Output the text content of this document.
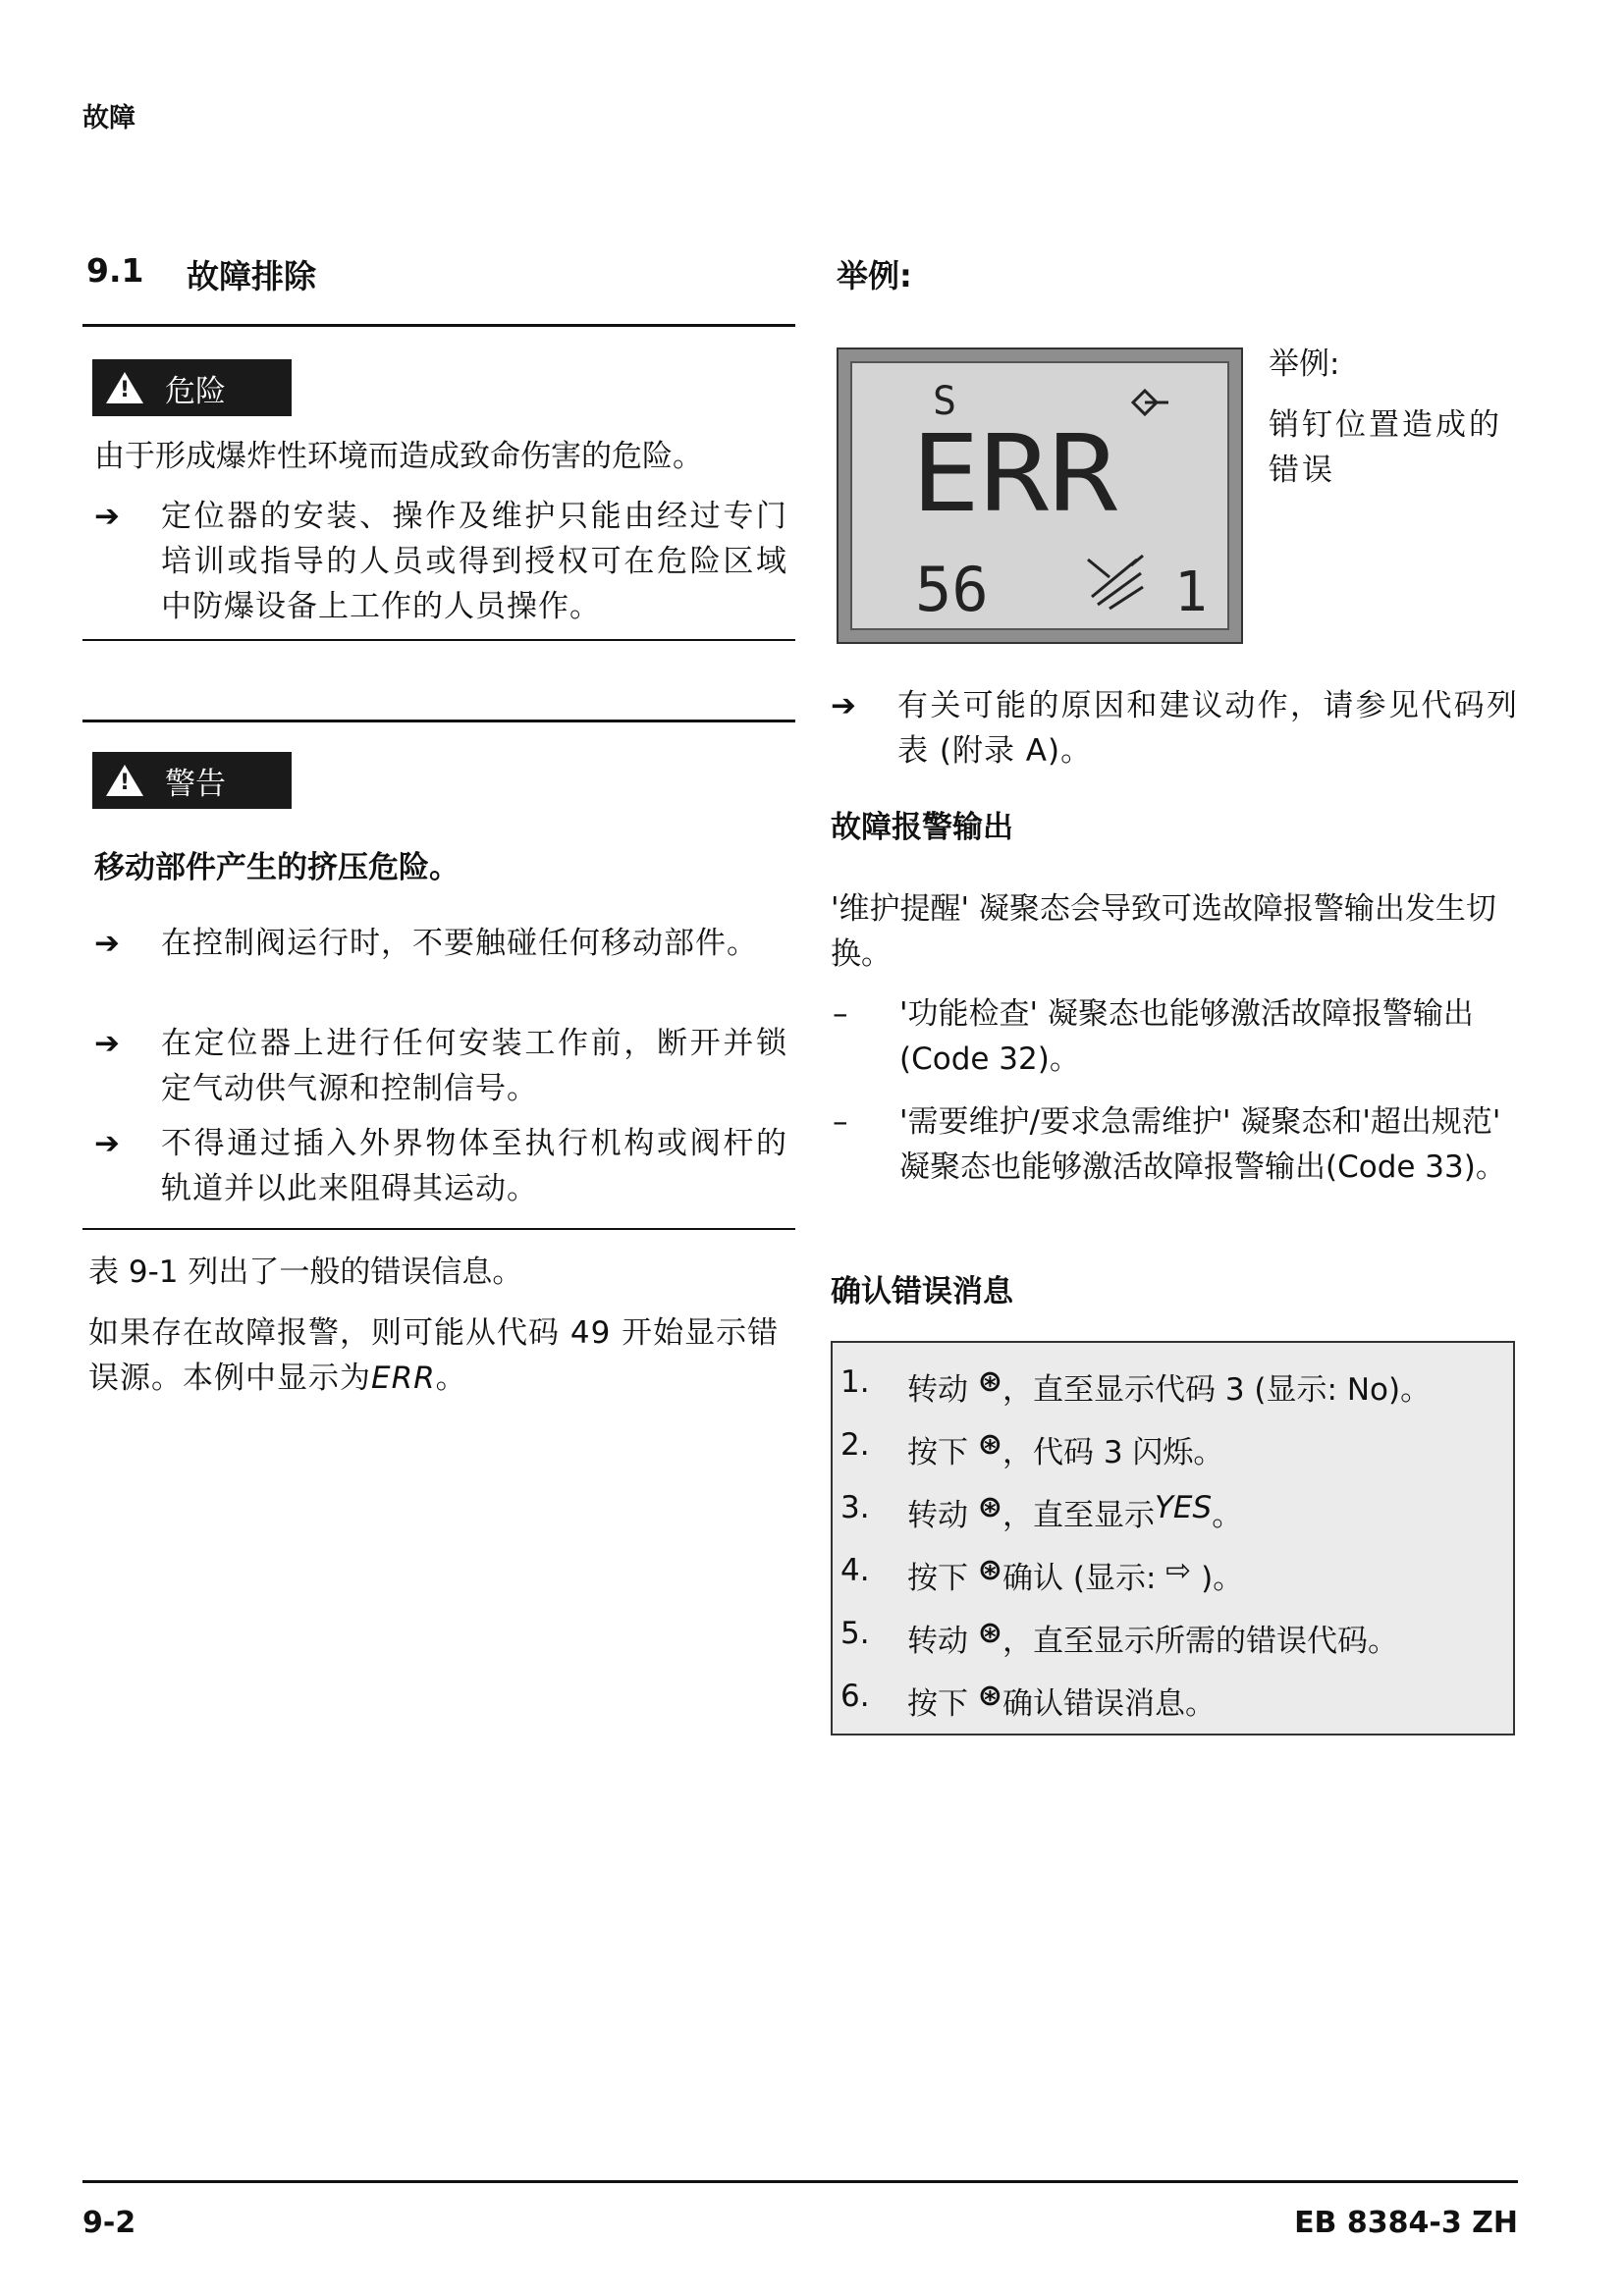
故障
9.1 故障排除
!
危险
由于形成爆炸性环境而造成致命伤害的危险。
➔	定位器的安装、操作及维护只能由经过专门培训或指导的人员或得到授权可在危险区域中防爆设备上工作的人员操作。
!
警告
移动部件产生的挤压危险。
➔	在控制阀运行时，不要触碰任何移动部件。
➔	在定位器上进行任何安装工作前，断开并锁定气动供气源和控制信号。
➔	不得通过插入外界物体至执行机构或阀杆的轨道并以此来阻碍其运动。
表 9-1 列出了一般的错误信息。
如果存在故障报警，则可能从代码 49 开始显示错误源。本例中显示为ERR。
举例:
S
ERR
56	1
举例:
销钉位置造成的错误
➔	有关可能的原因和建议动作，请参见代码列表 (附录 A)。
故障报警输出
'维护提醒' 凝聚态会导致可选故障报警输出发生切换。
–	'功能检查' 凝聚态也能够激活故障报警输出(Code 32)。
–	'需要维护/要求急需维护' 凝聚态和'超出规范' 凝聚态也能够激活故障报警输出(Code 33)。
确认错误消息
1.	转动
⊛ ，直至显示代码 3 (显示: No)。
2.	按下
⊛ ，代码 3 闪烁。
3.	转动
⊛ ，直至显示 YES 。
4.	按下
⊛ 确认 (显示: ⇨ )。
5.	转动
⊛ ，直至显示所需的错误代码。
6.	按下
⊛ 确认错误消息。
9-2	EB 8384-3 ZH
